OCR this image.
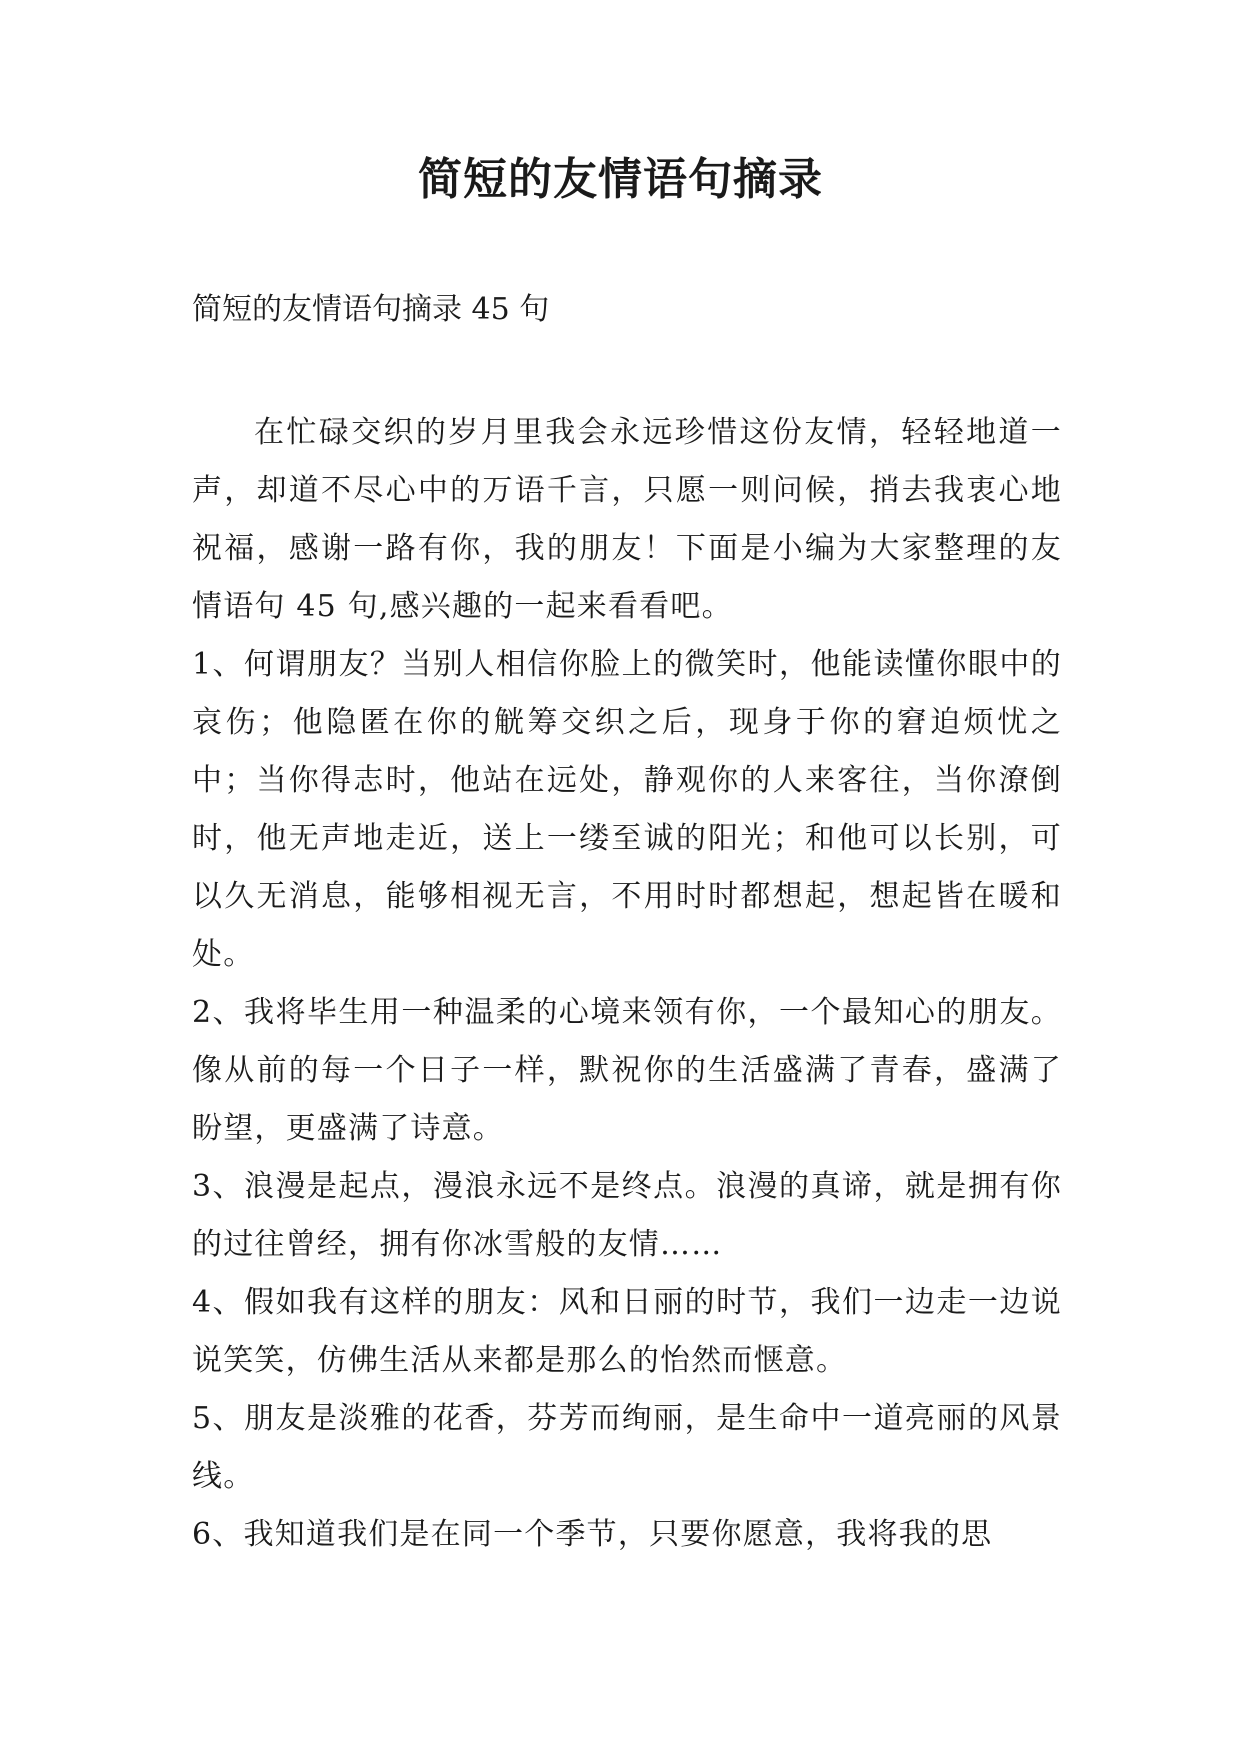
简短的友情语句摘录

简短的友情语句摘录 45 句

在忙碌交织的岁月里我会永远珍惜这份友情，轻轻地道一声，却道不尽心中的万语千言，只愿一则问候，捎去我衷心地祝福，感谢一路有你，我的朋友！下面是小编为大家整理的友情语句 45 句,感兴趣的一起来看看吧。

1、何谓朋友？当别人相信你脸上的微笑时，他能读懂你眼中的哀伤；他隐匿在你的觥筹交织之后，现身于你的窘迫烦忧之中；当你得志时，他站在远处，静观你的人来客往，当你潦倒时，他无声地走近，送上一缕至诚的阳光；和他可以长别，可以久无消息，能够相视无言，不用时时都想起，想起皆在暖和处。

2、我将毕生用一种温柔的心境来领有你，一个最知心的朋友。像从前的每一个日子一样，默祝你的生活盛满了青春，盛满了盼望，更盛满了诗意。

3、浪漫是起点，漫浪永远不是终点。浪漫的真谛，就是拥有你的过往曾经，拥有你冰雪般的友情……

4、假如我有这样的朋友：风和日丽的时节，我们一边走一边说说笑笑，仿佛生活从来都是那么的怡然而惬意。

5、朋友是淡雅的花香，芬芳而绚丽，是生命中一道亮丽的风景线。

6、我知道我们是在同一个季节，只要你愿意，我将我的思
